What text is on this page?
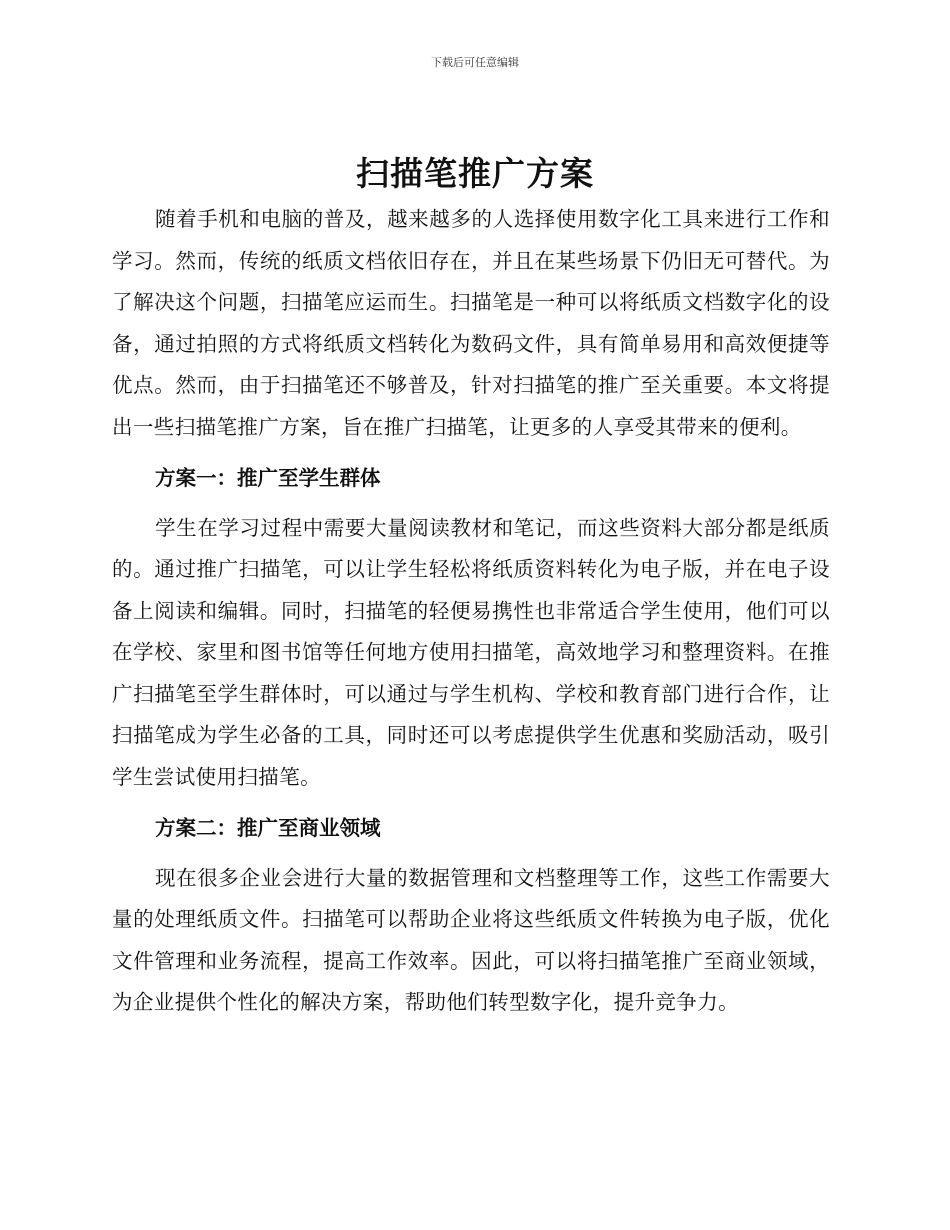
下载后可任意编辑
扫描笔推广方案

随着手机和电脑的普及，越来越多的人选择使用数字化工具来进行工作和学习。然而，传统的纸质文档依旧存在，并且在某些场景下仍旧无可替代。为了解决这个问题，扫描笔应运而生。扫描笔是一种可以将纸质文档数字化的设备，通过拍照的方式将纸质文档转化为数码文件，具有简单易用和高效便捷等优点。然而，由于扫描笔还不够普及，针对扫描笔的推广至关重要。本文将提出一些扫描笔推广方案，旨在推广扫描笔，让更多的人享受其带来的便利。

方案一：推广至学生群体

学生在学习过程中需要大量阅读教材和笔记，而这些资料大部分都是纸质的。通过推广扫描笔，可以让学生轻松将纸质资料转化为电子版，并在电子设备上阅读和编辑。同时，扫描笔的轻便易携性也非常适合学生使用，他们可以在学校、家里和图书馆等任何地方使用扫描笔，高效地学习和整理资料。在推广扫描笔至学生群体时，可以通过与学生机构、学校和教育部门进行合作，让扫描笔成为学生必备的工具，同时还可以考虑提供学生优惠和奖励活动，吸引学生尝试使用扫描笔。

方案二：推广至商业领域

现在很多企业会进行大量的数据管理和文档整理等工作，这些工作需要大量的处理纸质文件。扫描笔可以帮助企业将这些纸质文件转换为电子版，优化文件管理和业务流程，提高工作效率。因此，可以将扫描笔推广至商业领域，为企业提供个性化的解决方案，帮助他们转型数字化，提升竞争力。
